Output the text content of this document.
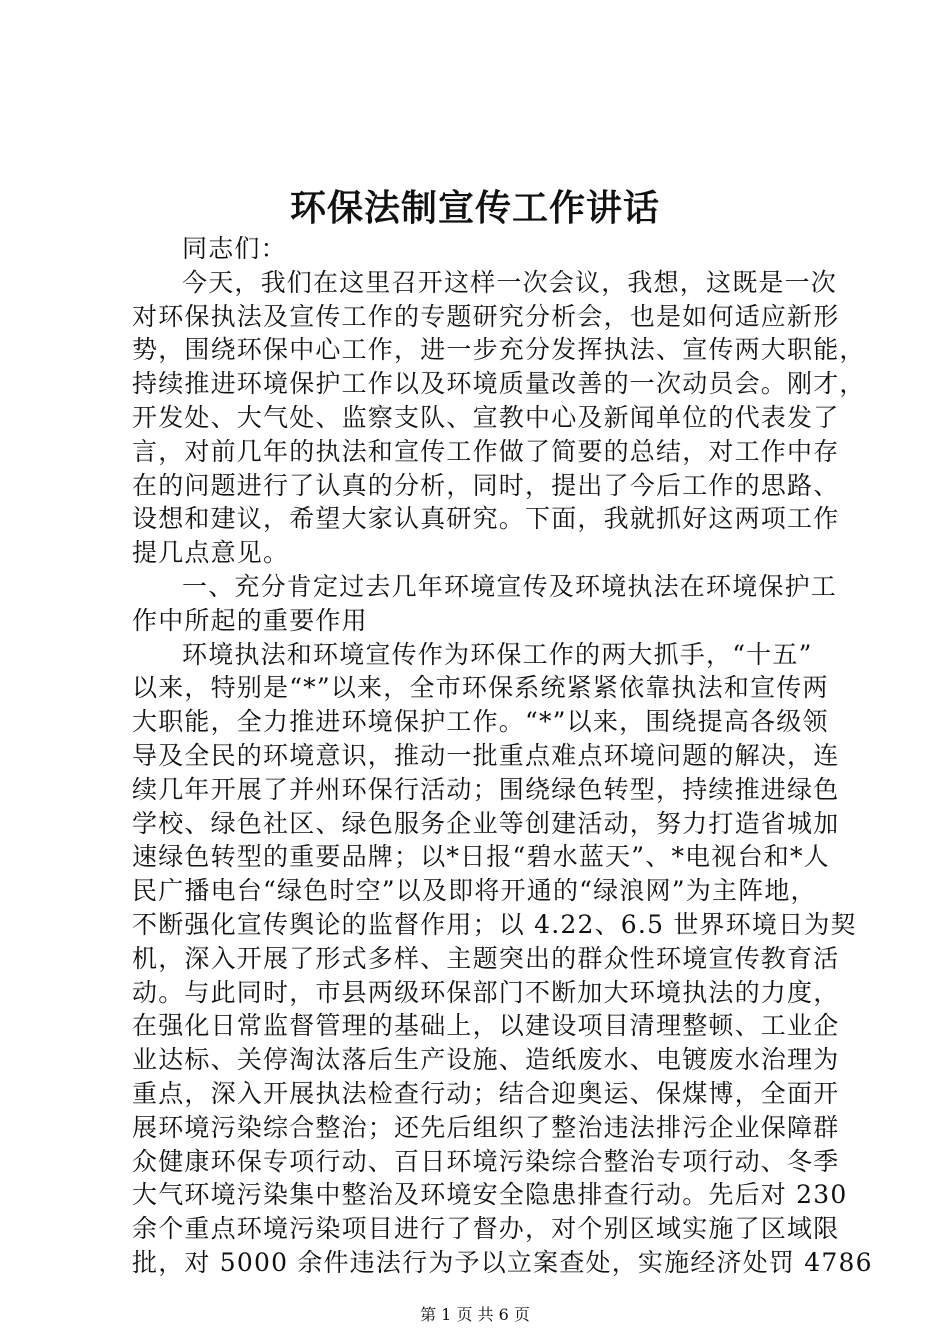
环保法制宣传工作讲话
同志们：
今天，我们在这里召开这样一次会议，我想，这既是一次
对环保执法及宣传工作的专题研究分析会，也是如何适应新形
势，围绕环保中心工作，进一步充分发挥执法、宣传两大职能，
持续推进环境保护工作以及环境质量改善的一次动员会。刚才，
开发处、大气处、监察支队、宣教中心及新闻单位的代表发了
言，对前几年的执法和宣传工作做了简要的总结，对工作中存
在的问题进行了认真的分析，同时，提出了今后工作的思路、
设想和建议，希望大家认真研究。下面，我就抓好这两项工作
提几点意见。
一、充分肯定过去几年环境宣传及环境执法在环境保护工
作中所起的重要作用
环境执法和环境宣传作为环保工作的两大抓手，“十五”
以来，特别是“*”以来，全市环保系统紧紧依靠执法和宣传两
大职能，全力推进环境保护工作。“*”以来，围绕提高各级领
导及全民的环境意识，推动一批重点难点环境问题的解决，连
续几年开展了并州环保行活动；围绕绿色转型，持续推进绿色
学校、绿色社区、绿色服务企业等创建活动，努力打造省城加
速绿色转型的重要品牌；以*日报“碧水蓝天”、*电视台和*人
民广播电台“绿色时空”以及即将开通的“绿浪网”为主阵地，
不断强化宣传舆论的监督作用；以 4.22、6.5 世界环境日为契
机，深入开展了形式多样、主题突出的群众性环境宣传教育活
动。与此同时，市县两级环保部门不断加大环境执法的力度，
在强化日常监督管理的基础上，以建设项目清理整顿、工业企
业达标、关停淘汰落后生产设施、造纸废水、电镀废水治理为
重点，深入开展执法检查行动；结合迎奥运、保煤博，全面开
展环境污染综合整治；还先后组织了整治违法排污企业保障群
众健康环保专项行动、百日环境污染综合整治专项行动、冬季
大气环境污染集中整治及环境安全隐患排查行动。先后对 230
余个重点环境污染项目进行了督办，对个别区域实施了区域限
批，对 5000 余件违法行为予以立案查处，实施经济处罚 4786
第 1 页 共 6 页
